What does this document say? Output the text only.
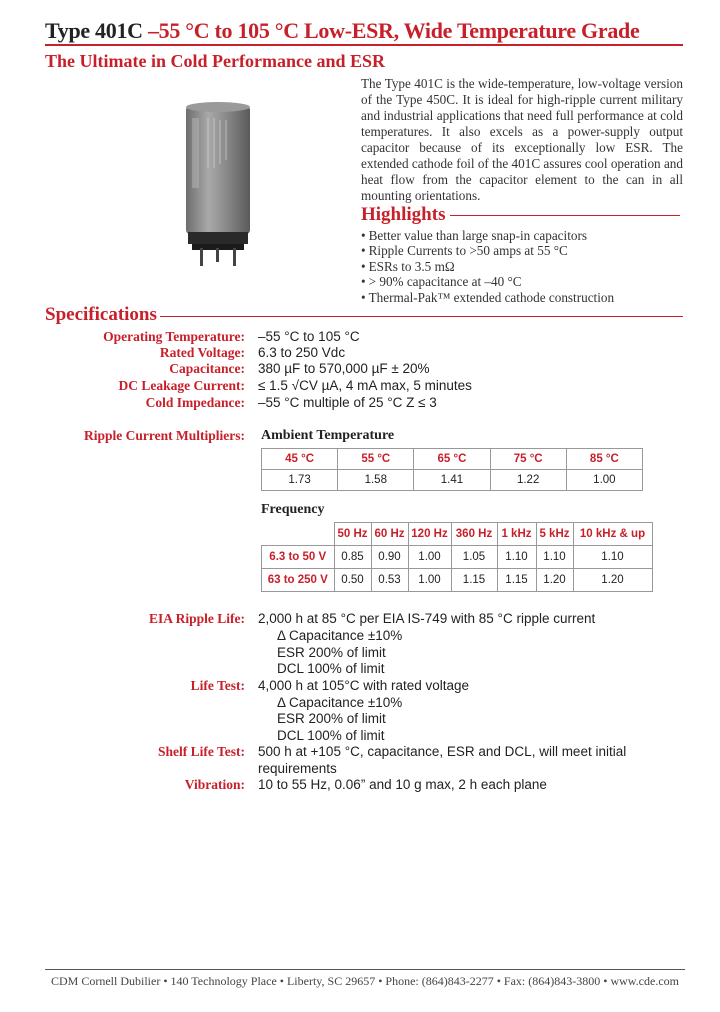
Type 401C –55 °C to 105 °C Low-ESR, Wide Temperature Grade
The Ultimate in Cold Performance and ESR
The Type 401C is the wide-temperature, low-voltage version of the Type 450C. It is ideal for high-ripple current military and industrial applications that need full performance at cold temperatures. It also excels as a power-supply output capacitor because of its exceptionally low ESR. The extended cathode foil of the 401C assures cool operation and heat flow from the capacitor element to the can in all mounting orientations.
Highlights
• Better value than large snap-in capacitors
• Ripple Currents to >50 amps at 55 °C
• ESRs to 3.5 mΩ
• > 90% capacitance at –40 °C
• Thermal-Pak™ extended cathode construction
Specifications
Operating Temperature: –55 °C to 105 °C
Rated Voltage: 6.3 to 250 Vdc
Capacitance: 380 µF to 570,000 µF ± 20%
DC Leakage Current: ≤ 1.5 √CV µA, 4 mA max, 5 minutes
Cold Impedance: –55 °C multiple of 25 °C Z ≤ 3
Ripple Current Multipliers: Ambient Temperature
45 °C	55 °C	65 °C	75 °C	85 °C
1.73	1.58	1.41	1.22	1.00
Frequency
	50 Hz	60 Hz	120 Hz	360 Hz	1 kHz	5 kHz	10 kHz & up
6.3 to 50 V	0.85	0.90	1.00	1.05	1.10	1.10	1.10
63 to 250 V	0.50	0.53	1.00	1.15	1.15	1.20	1.20
EIA Ripple Life: 2,000 h at 85 °C per EIA IS-749 with 85 °C ripple current
Δ Capacitance ±10%
ESR 200% of limit
DCL 100% of limit
Life Test: 4,000 h at 105°C with rated voltage
Δ Capacitance ±10%
ESR 200% of limit
DCL 100% of limit
Shelf Life Test: 500 h at +105 °C, capacitance, ESR and DCL, will meet initial
requirements
Vibration: 10 to 55 Hz, 0.06” and 10 g max, 2 h each plane
CDM Cornell Dubilier • 140 Technology Place • Liberty, SC 29657 • Phone: (864)843-2277 • Fax: (864)843-3800 • www.cde.com
